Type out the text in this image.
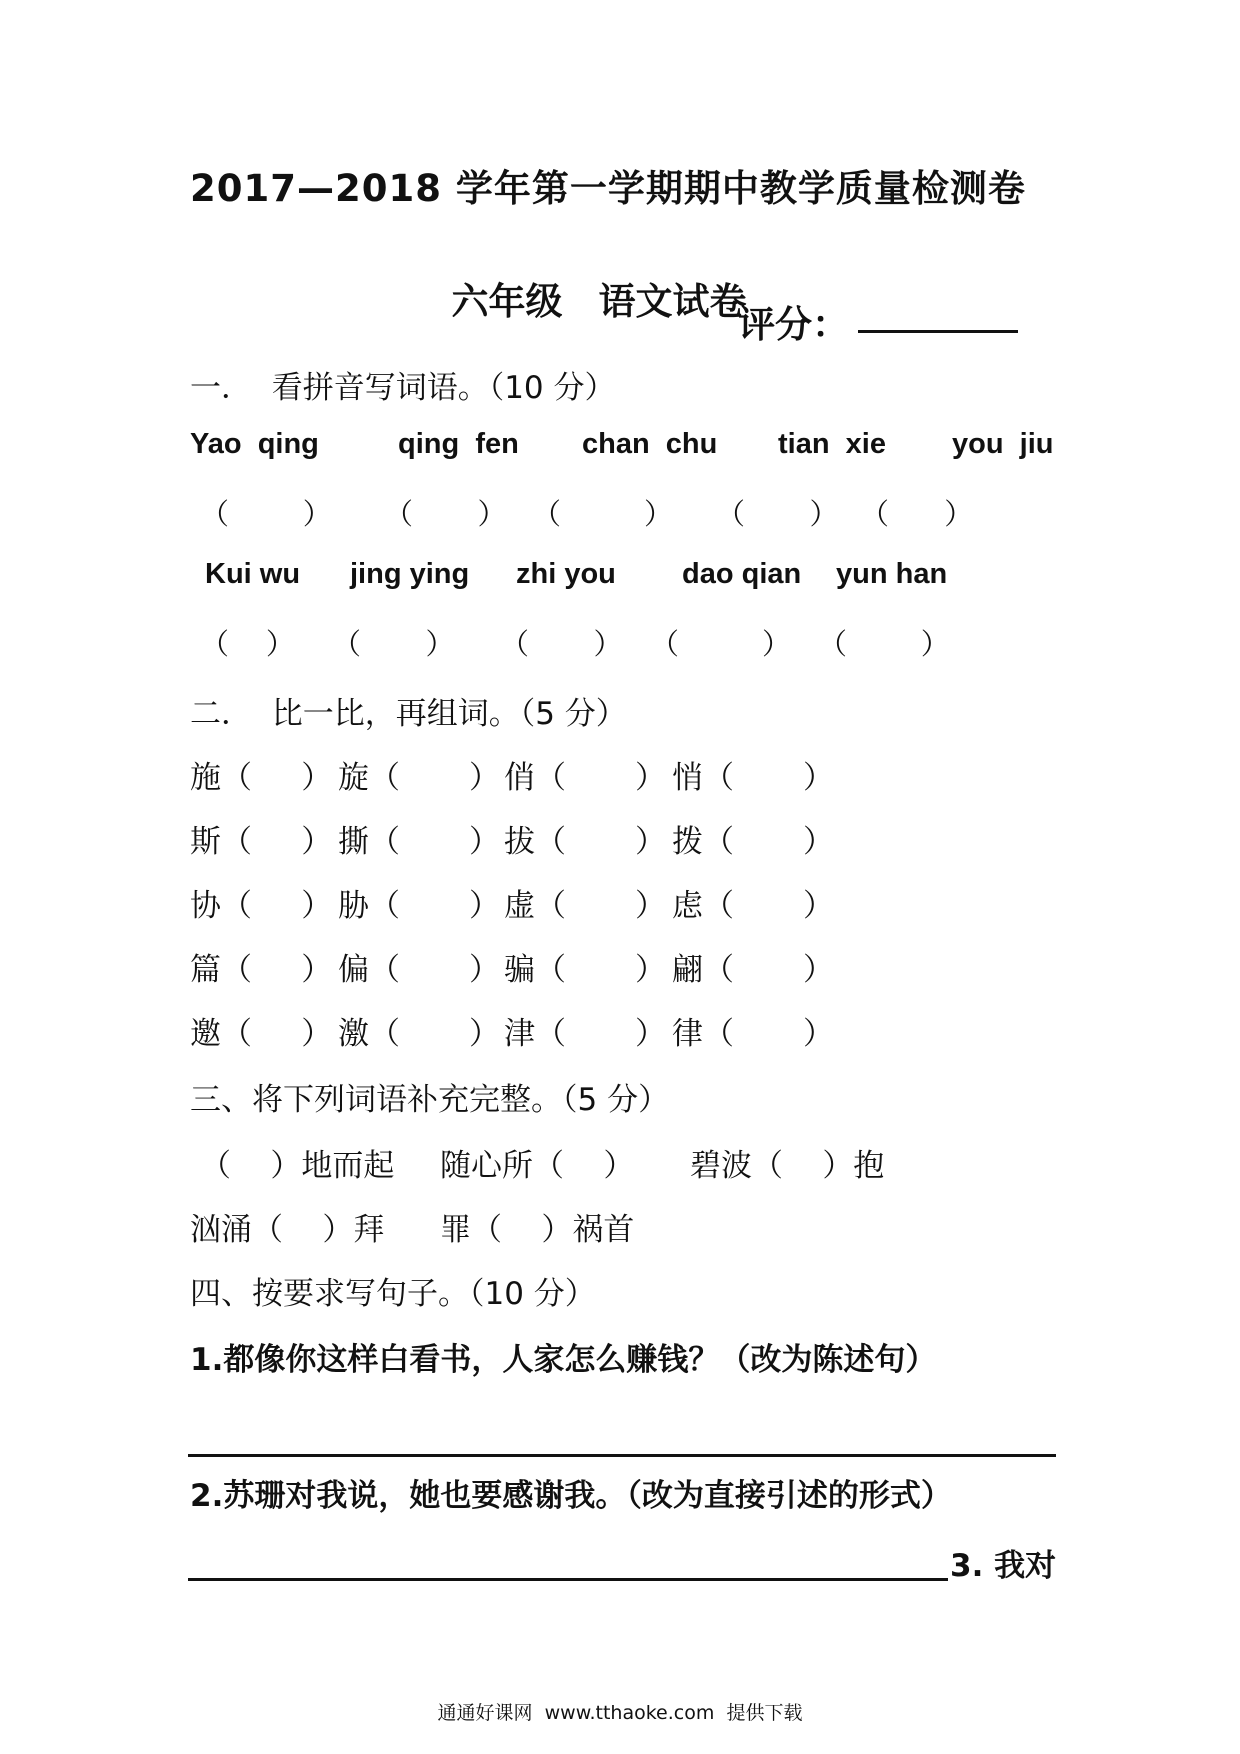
2017—2018 学年第一学期期中教学质量检测卷

六年级 语文试卷

评分：
一．  看拼音写词语。（10 分）
Yao  qing	qing  fen chan  chu tian  xie you  jiu
（        ） （       ） （         ） （       ） （      ）
Kui wu jing ying zhi you dao qian yun han
（    ） （       ） （       ） （         ） （        ）
二．  比一比，再组词。（5 分）
施（     ） 旋（       ） 俏（       ） 悄（       ）
斯（     ） 撕（       ） 拔（       ） 拨（       ）
协（     ） 胁（       ） 虚（       ） 虑（       ）
篇（     ） 偏（       ） 骗（       ） 翩（       ）
邀（     ） 激（       ） 津（       ） 律（       ）
三、将下列词语补充完整。（5 分）
（    ）地而起 随心所（    ） 碧波（    ）抱
汹涌（    ）拜 罪（    ）祸首
四、按要求写句子。（10 分）
1.都像你这样白看书，人家怎么赚钱？（改为陈述句）
2.苏珊对我说，她也要感谢我。（改为直接引述的形式）
3. 我对
通通好课网  www.tthaoke.com  提供下载
